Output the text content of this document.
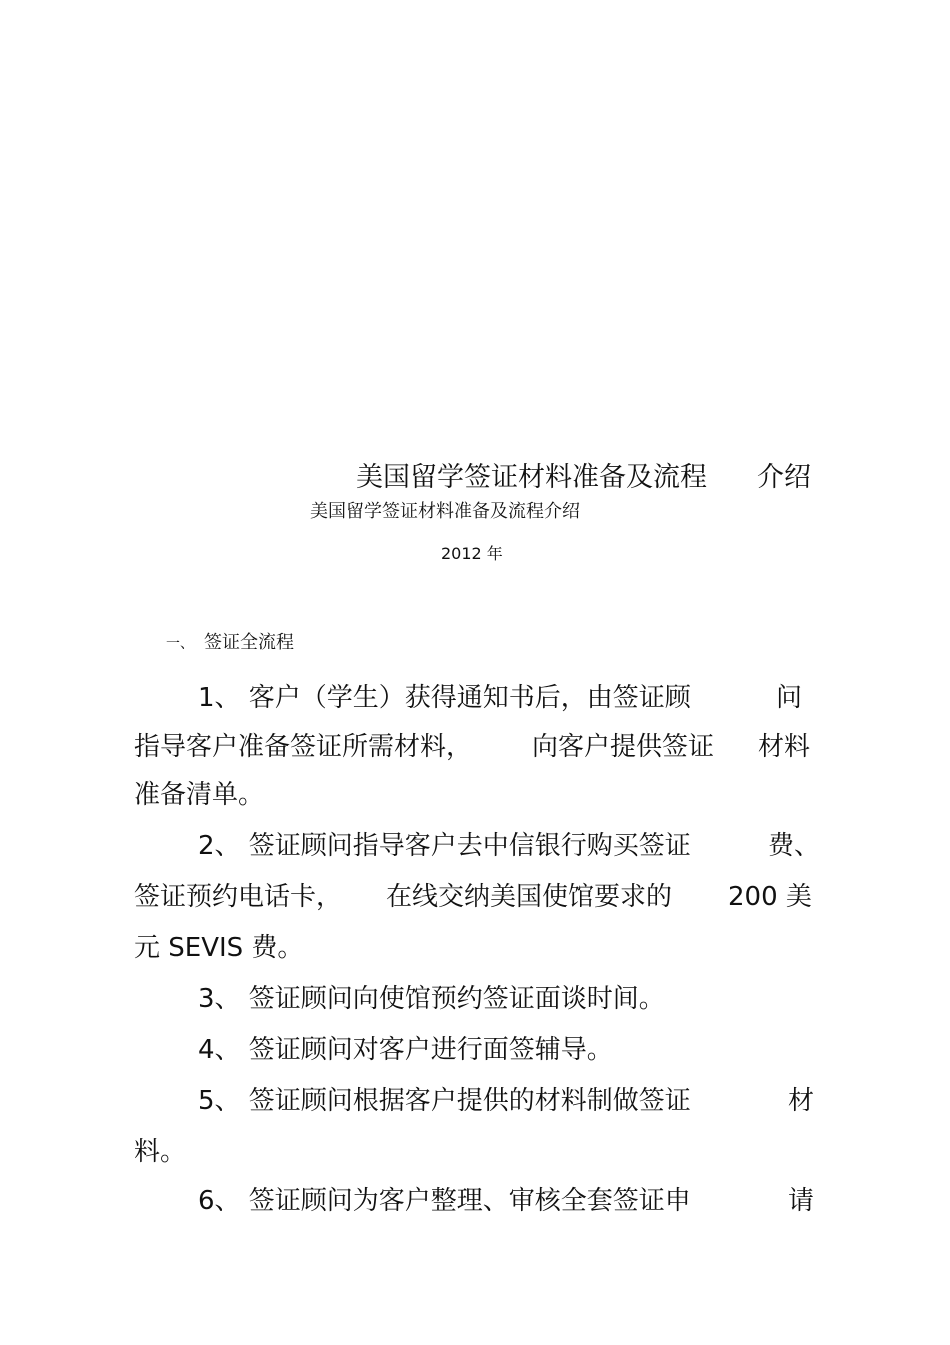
美国留学签证材料准备及流程 介绍
美国留学签证材料准备及流程介绍
2012 年
一、 签证全流程
1、 客户（学生）获得通知书后，由签证顾	问
指导客户准备签证所需材料， 向客户提供签证 材料
准备清单。
2、 签证顾问指导客户去中信银行购买签证	费、
签证预约电话卡， 在线交纳美国使馆要求的 200 美
元 SEVIS 费。
3、 签证顾问向使馆预约签证面谈时间。
4、 签证顾问对客户进行面签辅导。
5、 签证顾问根据客户提供的材料制做签证	材
料。
6、 签证顾问为客户整理、审核全套签证申	请
